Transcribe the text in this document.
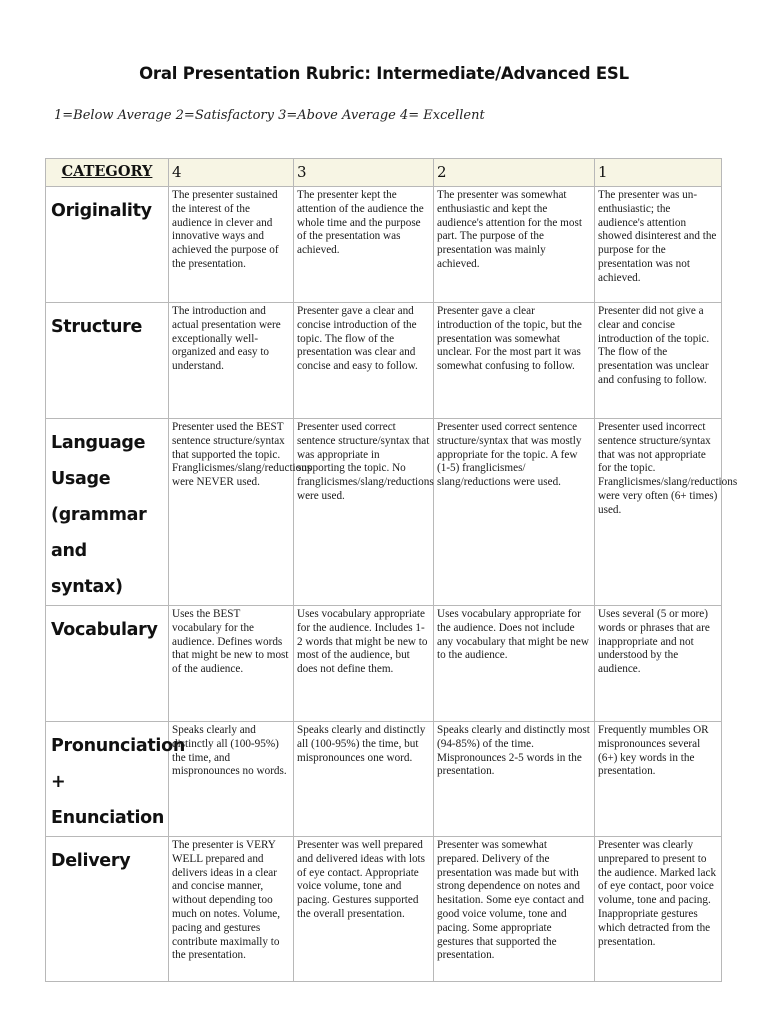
Oral Presentation Rubric: Intermediate/Advanced ESL
1=Below Average 2=Satisfactory 3=Above Average 4= Excellent
CATEGORY	4	3	2	1
Originality	The presenter sustained the interest of the audience in clever and innovative ways and achieved the purpose of the presentation.	The presenter kept the attention of the audience the whole time and the purpose of the presentation was achieved.	The presenter was somewhat enthusiastic and kept the audience's attention for the most part. The purpose of the presentation was mainly achieved.	The presenter was un-enthusiastic; the audience's attention showed disinterest and the purpose for the presentation was not achieved.
Structure	The introduction and actual presentation were exceptionally well- organized and easy to understand.	Presenter gave a clear and concise introduction of the topic. The flow of the presentation was clear and concise and easy to follow.	Presenter gave a clear introduction of the topic, but the presentation was somewhat unclear. For the most part it was somewhat confusing to follow.	Presenter did not give a clear and concise introduction of the topic. The flow of the presentation was unclear and confusing to follow.
Language Usage (grammar and syntax)	Presenter used the BEST sentence structure/syntax that supported the topic. Franglicismes/slang/reductions were NEVER used.	Presenter used correct sentence structure/syntax that was appropriate in supporting the topic. No franglicismes/slang/reductions were used.	Presenter used correct sentence structure/syntax that was mostly appropriate for the topic. A few (1-5) franglicismes/ slang/reductions were used.	Presenter used incorrect sentence structure/syntax that was not appropriate for the topic. Franglicismes/slang/reductions were very often (6+ times) used.
Vocabulary	Uses the BEST vocabulary for the audience. Defines words that might be new to most of the audience.	Uses vocabulary appropriate for the audience. Includes 1-2 words that might be new to most of the audience, but does not define them.	Uses vocabulary appropriate for the audience. Does not include any vocabulary that might be new to the audience.	Uses several (5 or more) words or phrases that are inappropriate and not understood by the audience.
Pronunciation + Enunciation	Speaks clearly and distinctly all (100-95%) the time, and mispronounces no words.	Speaks clearly and distinctly all (100-95%) the time, but mispronounces one word.	Speaks clearly and distinctly most (94-85%) of the time. Mispronounces 2-5 words in the presentation.	Frequently mumbles OR mispronounces several (6+) key words in the presentation.
Delivery	The presenter is VERY WELL prepared and delivers ideas in a clear and concise manner, without depending too much on notes. Volume, pacing and gestures contribute maximally to the presentation.	Presenter was well prepared and delivered ideas with lots of eye contact. Appropriate voice volume, tone and pacing. Gestures supported the overall presentation.	Presenter was somewhat prepared. Delivery of the presentation was made but with strong dependence on notes and hesitation. Some eye contact and good voice volume, tone and pacing. Some appropriate gestures that supported the presentation.	Presenter was clearly unprepared to present to the audience. Marked lack of eye contact, poor voice volume, tone and pacing. Inappropriate gestures which detracted from the presentation.
